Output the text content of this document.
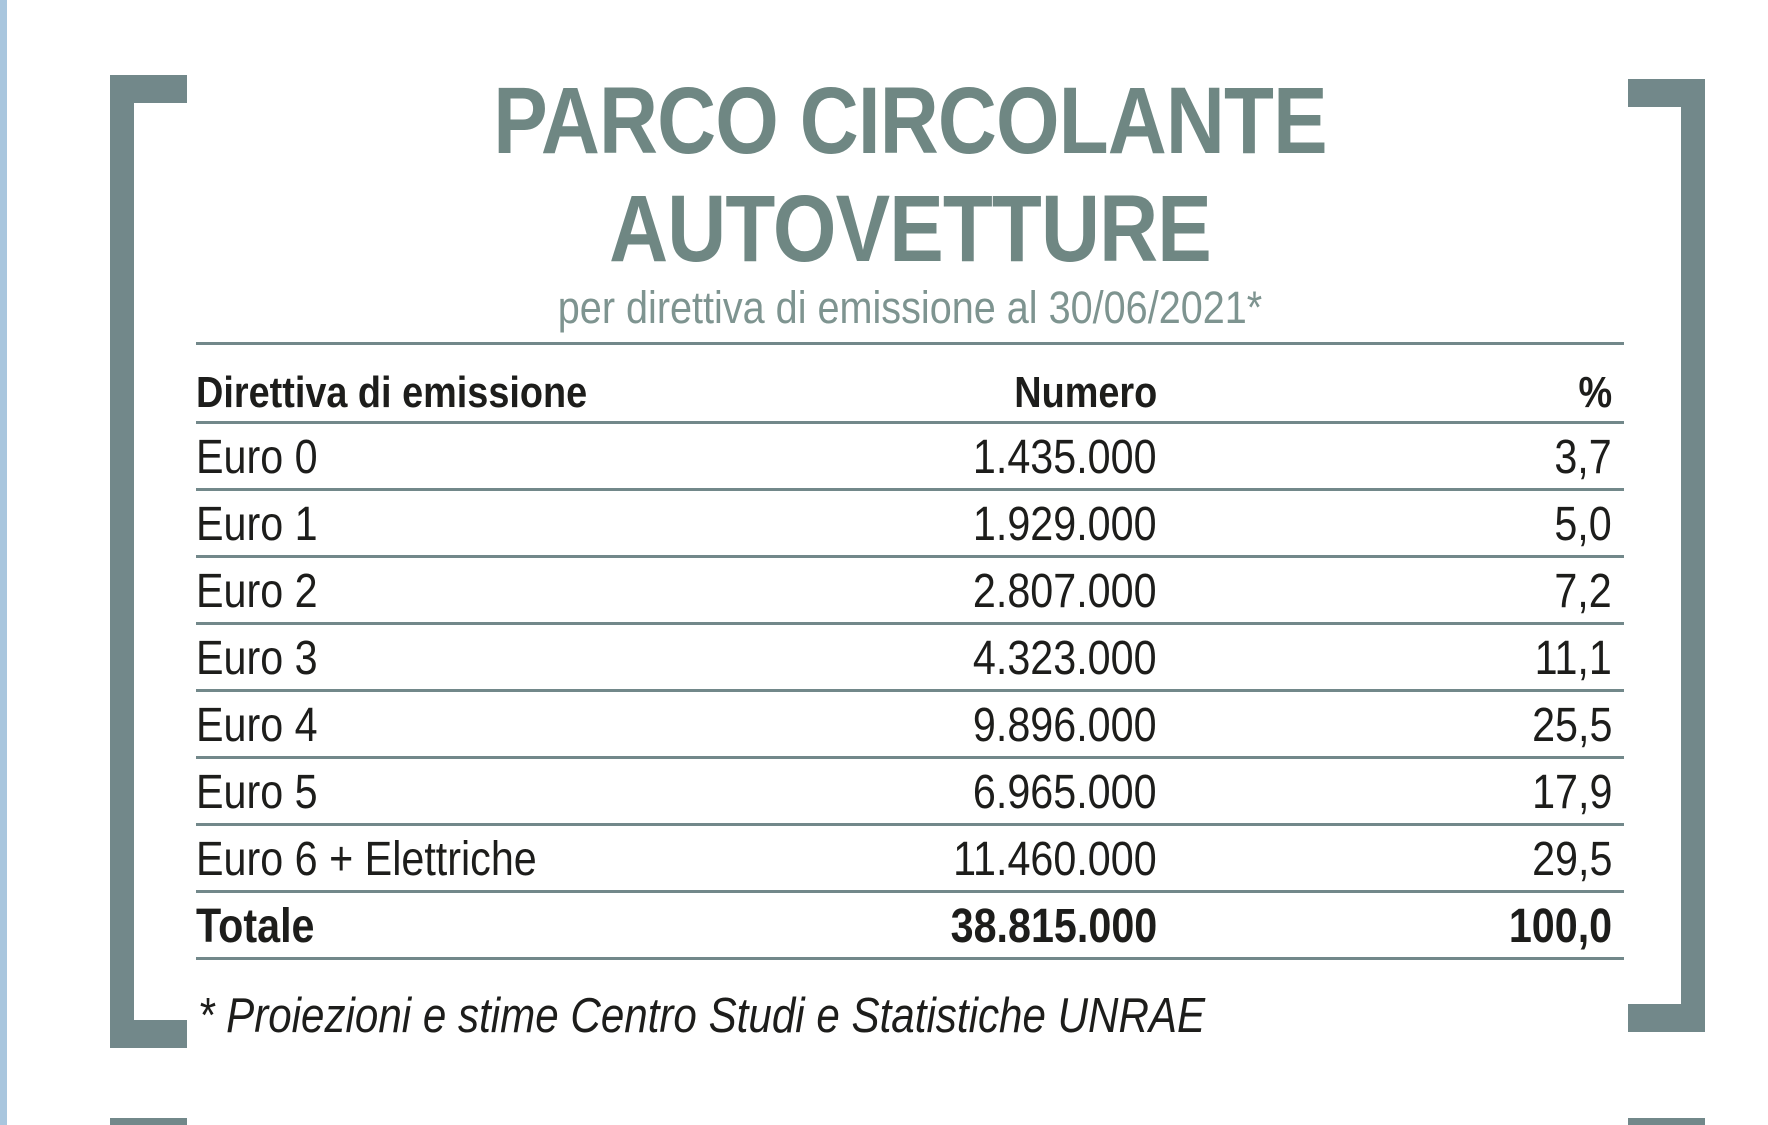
PARCO CIRCOLANTE
AUTOVETTURE
per direttiva di emissione al 30/06/2021*
Direttiva di emissione	Numero	%
Euro 0	1.435.000	3,7
Euro 1	1.929.000	5,0
Euro 2	2.807.000	7,2
Euro 3	4.323.000	11,1
Euro 4	9.896.000	25,5
Euro 5	6.965.000	17,9
Euro 6 + Elettriche	11.460.000	29,5
Totale	38.815.000	100,0
* Proiezioni e stime Centro Studi e Statistiche UNRAE
